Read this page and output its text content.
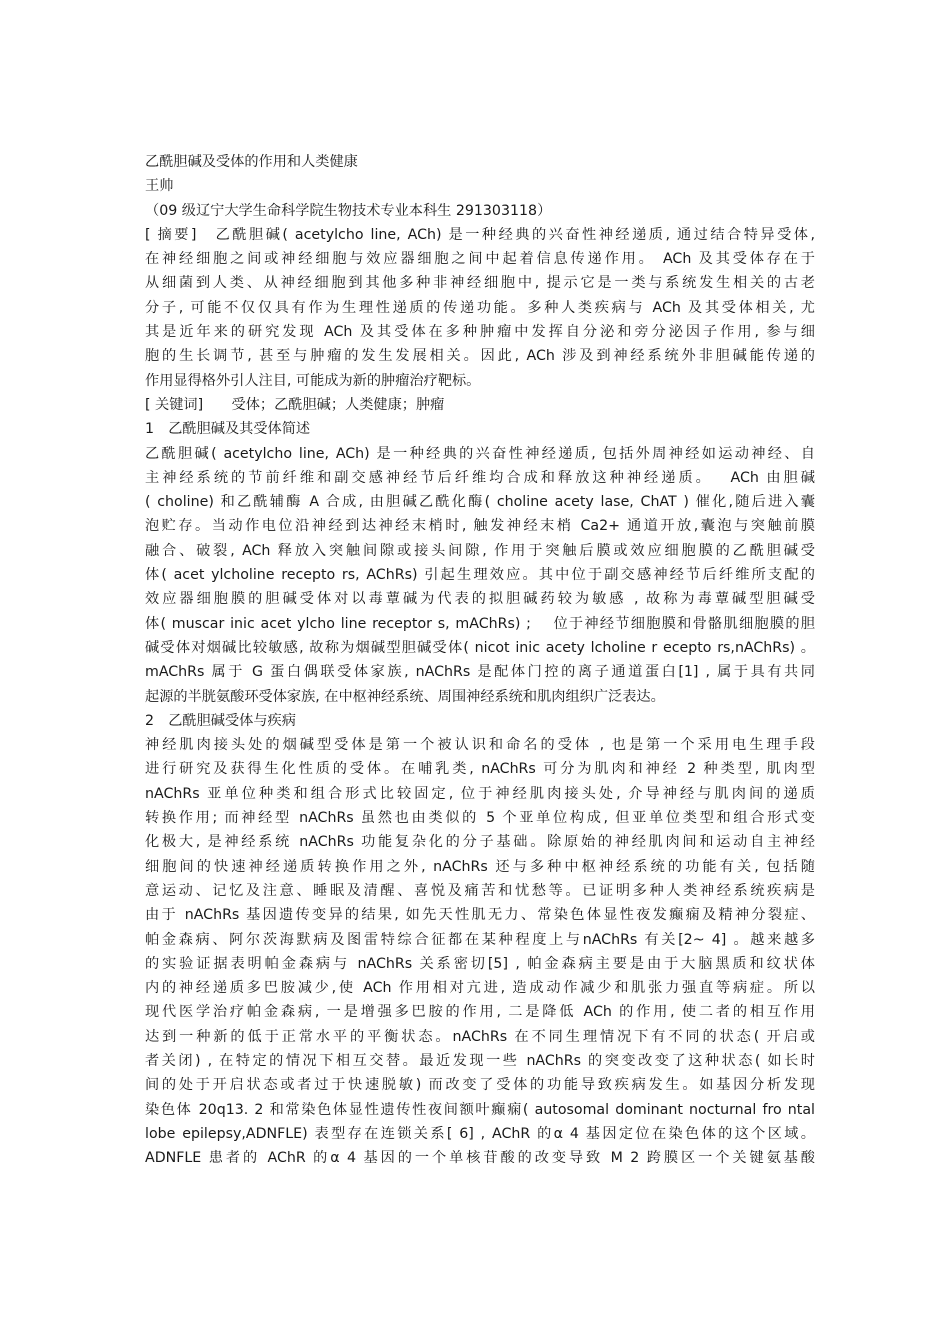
乙酰胆碱及受体的作用和人类健康
王帅
（09 级辽宁大学生命科学院生物技术专业本科生 291303118）
[ 摘要]　乙酰胆碱( acetylcho line, ACh) 是一种经典的兴奋性神经递质, 通过结合特异受体,
在神经细胞之间或神经细胞与效应器细胞之间中起着信息传递作用。 ACh 及其受体存在于
从细菌到人类、从神经细胞到其他多种非神经细胞中, 提示它是一类与系统发生相关的古老
分子, 可能不仅仅具有作为生理性递质的传递功能。多种人类疾病与 ACh 及其受体相关, 尤
其是近年来的研究发现 ACh 及其受体在多种肿瘤中发挥自分泌和旁分泌因子作用, 参与细
胞的生长调节, 甚至与肿瘤的发生发展相关。因此, ACh 涉及到神经系统外非胆碱能传递的
作用显得格外引人注目, 可能成为新的肿瘤治疗靶标。
[ 关键词]　　受体；乙酰胆碱；人类健康；肿瘤
1　乙酰胆碱及其受体简述
乙酰胆碱( acetylcho line, ACh) 是一种经典的兴奋性神经递质, 包括外周神经如运动神经、自
主神经系统的节前纤维和副交感神经节后纤维均合成和释放这种神经递质。　 ACh 由胆碱
( choline) 和乙酰辅酶 A 合成, 由胆碱乙酰化酶( choline acety lase, ChAT ) 催化,随后进入囊
泡贮存。当动作电位沿神经到达神经末梢时, 触发神经末梢 Ca2+ 通道开放,囊泡与突触前膜
融合、破裂, ACh 释放入突触间隙或接头间隙, 作用于突触后膜或效应细胞膜的乙酰胆碱受
体( acet ylcholine recepto rs, AChRs) 引起生理效应。其中位于副交感神经节后纤维所支配的
效应器细胞膜的胆碱受体对以毒蕈碱为代表的拟胆碱药较为敏感 , 故称为毒蕈碱型胆碱受
体( muscar inic acet ylcho line receptor s, mAChRs) ;　 位于神经节细胞膜和骨骼肌细胞膜的胆
碱受体对烟碱比较敏感, 故称为烟碱型胆碱受体( nicot inic acety lcholine r ecepto rs,nAChRs) 。
mAChRs 属于 G 蛋白偶联受体家族, nAChRs 是配体门控的离子通道蛋白[1] , 属于具有共同
起源的半胱氨酸环受体家族, 在中枢神经系统、周围神经系统和肌肉组织广泛表达。
2　乙酰胆碱受体与疾病
神经肌肉接头处的烟碱型受体是第一个被认识和命名的受体 , 也是第一个采用电生理手段
进行研究及获得生化性质的受体。在哺乳类, nAChRs 可分为肌肉和神经 2 种类型, 肌肉型
nAChRs 亚单位种类和组合形式比较固定, 位于神经肌肉接头处, 介导神经与肌肉间的递质
转换作用; 而神经型 nAChRs 虽然也由类似的 5 个亚单位构成, 但亚单位类型和组合形式变
化极大, 是神经系统 nAChRs 功能复杂化的分子基础。除原始的神经肌肉间和运动自主神经
细胞间的快速神经递质转换作用之外, nAChRs 还与多种中枢神经系统的功能有关, 包括随
意运动、记忆及注意、睡眠及清醒、喜悦及痛苦和忧愁等。已证明多种人类神经系统疾病是
由于 nAChRs 基因遗传变异的结果, 如先天性肌无力、常染色体显性夜发癫痫及精神分裂症、
帕金森病、阿尔茨海默病及图雷特综合征都在某种程度上与nAChRs 有关[2~ 4] 。越来越多
的实验证据表明帕金森病与 nAChRs 关系密切[5] , 帕金森病主要是由于大脑黑质和纹状体
内的神经递质多巴胺减少,使 ACh 作用相对亢进, 造成动作减少和肌张力强直等病症。所以
现代医学治疗帕金森病, 一是增强多巴胺的作用, 二是降低 ACh 的作用, 使二者的相互作用
达到一种新的低于正常水平的平衡状态。nAChRs 在不同生理情况下有不同的状态( 开启或
者关闭) , 在特定的情况下相互交替。最近发现一些 nAChRs 的突变改变了这种状态( 如长时
间的处于开启状态或者过于快速脱敏) 而改变了受体的功能导致疾病发生。如基因分析发现
染色体 20q13. 2 和常染色体显性遗传性夜间额叶癫痫( autosomal dominant nocturnal fro ntal
lobe epilepsy,ADNFLE) 表型存在连锁关系[ 6] , AChR 的α 4 基因定位在染色体的这个区域。
ADNFLE 患者的 AChR 的α 4 基因的一个单核苷酸的改变导致 M 2 跨膜区一个关键氨基酸
